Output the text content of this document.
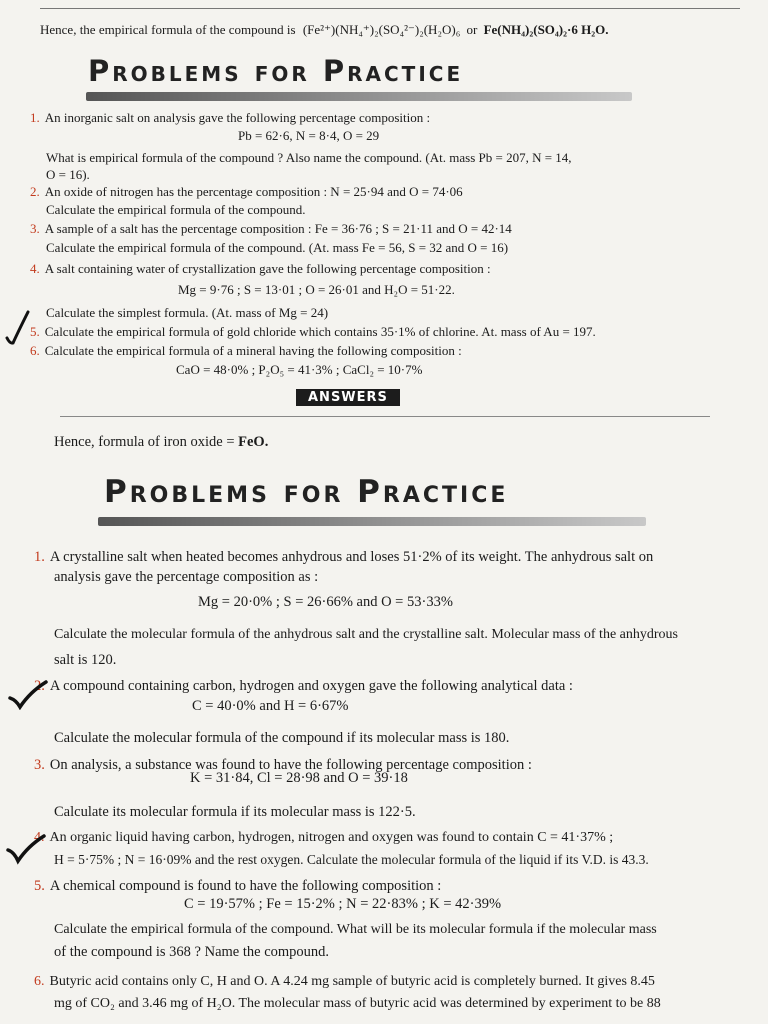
Hence, the empirical formula of the compound is (Fe²⁺)(NH₄⁺)₂(SO₄²⁻)₂(H₂O)₆ or Fe(NH₄)₂(SO₄)₂·6 H₂O.
Problems for Practice
1. An inorganic salt on analysis gave the following percentage composition :
Pb = 62·6, N = 8·4, O = 29
What is empirical formula of the compound ? Also name the compound. (At. mass Pb = 207, N = 14,
O = 16).
2. An oxide of nitrogen has the percentage composition : N = 25·94 and O = 74·06
Calculate the empirical formula of the compound.
3. A sample of a salt has the percentage composition : Fe = 36·76 ; S = 21·11 and O = 42·14
Calculate the empirical formula of the compound. (At. mass Fe = 56, S = 32 and O = 16)
4. A salt containing water of crystallization gave the following percentage composition :
Mg = 9·76 ; S = 13·01 ; O = 26·01 and H₂O = 51·22.
Calculate the simplest formula. (At. mass of Mg = 24)
5. Calculate the empirical formula of gold chloride which contains 35·1% of chlorine. At. mass of Au = 197.
6. Calculate the empirical formula of a mineral having the following composition :
CaO = 48·0% ; P₂O₅ = 41·3% ; CaCl₂ = 10·7%
ANSWERS
Hence, formula of iron oxide = FeO.
Problems for Practice
1. A crystalline salt when heated becomes anhydrous and loses 51·2% of its weight. The anhydrous salt on
analysis gave the percentage composition as :
Mg = 20·0% ; S = 26·66% and O = 53·33%
Calculate the molecular formula of the anhydrous salt and the crystalline salt. Molecular mass of the anhydrous
salt is 120.
2. A compound containing carbon, hydrogen and oxygen gave the following analytical data :
C = 40·0% and H = 6·67%
Calculate the molecular formula of the compound if its molecular mass is 180.
3. On analysis, a substance was found to have the following percentage composition :
K = 31·84, Cl = 28·98 and O = 39·18
Calculate its molecular formula if its molecular mass is 122·5.
4. An organic liquid having carbon, hydrogen, nitrogen and oxygen was found to contain C = 41·37% ;
H = 5·75% ; N = 16·09% and the rest oxygen. Calculate the molecular formula of the liquid if its V.D. is 43.3.
5. A chemical compound is found to have the following composition :
C = 19·57% ; Fe = 15·2% ; N = 22·83% ; K = 42·39%
Calculate the empirical formula of the compound. What will be its molecular formula if the molecular mass
of the compound is 368 ? Name the compound.
6. Butyric acid contains only C, H and O. A 4.24 mg sample of butyric acid is completely burned. It gives 8.45
mg of CO₂ and 3.46 mg of H₂O. The molecular mass of butyric acid was determined by experiment to be 88
